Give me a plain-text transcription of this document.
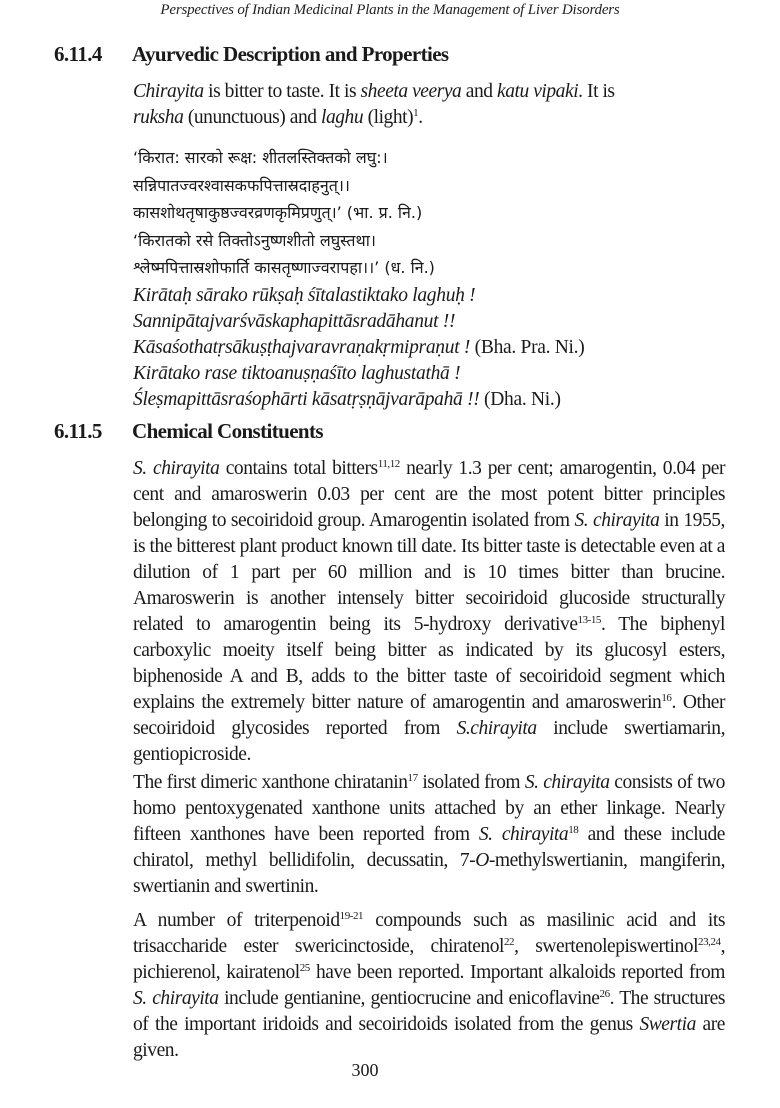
Perspectives of Indian Medicinal Plants in the Management of Liver Disorders
6.11.4 Ayurvedic Description and Properties

Chirayita is bitter to taste. It is sheeta veerya and katu vipaki. It is
ruksha (ununctuous) and laghu (light)$^1$.

‘किरात: सारको रूक्ष: शीतलस्तिक्तको लघु:।
सन्निपातज्वरश्वासकफपित्तास्रदाहनुत्।।
कासशोथतृषाकुष्ठज्वरव्रणकृमिप्रणुत्।’ (भा. प्र. नि.)
‘किरातको रसे तिक्तोऽनुष्णशीतो लघुस्तथा।
श्लेष्मपित्तास्रशोफार्ति कासतृष्णाज्वरापहा।।’ (ध. नि.)
Kirātaḥ sārako rūkṣaḥ śītalastiktako laghuḥ !
Sannipātajvarśvāskaphapittāsradāhanut !!
Kāsaśothatṛsākuṣṭhajvaravraṇakṛmipraṇut ! (Bha. Pra. Ni.)
Kirātako rase tiktoanuṣṇaśīto laghustathā !
Śleṣmapittāsraśophārti kāsatṛṣṇājvarāpahā !! (Dha. Ni.)
6.11.5 Chemical Constituents

S. chirayita contains total bitters$^{11,12}$ nearly 1.3 per cent; amarogentin, 0.04 per cent and amaroswerin 0.03 per cent are the most potent bitter principles belonging to secoiridoid group. Amarogentin isolated from S. chirayita in 1955, is the bitterest plant product known till date. Its bitter taste is detectable even at a dilution of 1 part per 60 million and is 10 times bitter than brucine. Amaroswerin is another intensely bitter secoiridoid glucoside structurally related to amarogentin being its 5-hydroxy derivative$^{13-15}$. The biphenyl carboxylic moeity itself being bitter as indicated by its glucosyl esters, biphenoside A and B, adds to the bitter taste of secoiridoid segment which explains the extremely bitter nature of amarogentin and amaroswerin$^{16}$. Other secoiridoid glycosides reported from S.chirayita include swertiamarin, gentiopicroside.

The first dimeric xanthone chiratanin$^{17}$ isolated from S. chirayita consists of two homo pentoxygenated xanthone units attached by an ether linkage. Nearly fifteen xanthones have been reported from S. chirayita$^{18}$ and these include chiratol, methyl bellidifolin, decussatin, 7-O-methylswertianin, mangiferin, swertianin and swertinin.

A number of triterpenoid$^{19-21}$ compounds such as masilinic acid and its trisaccharide ester swericinctoside, chiratenol$^{22}$, swertenolepiswertinol$^{23,24}$, pichierenol, kairatenol$^{25}$ have been reported. Important alkaloids reported from S. chirayita include gentianine, gentiocrucine and enicoflavine$^{26}$. The structures of the important iridoids and secoiridoids isolated from the genus Swertia are given.

300
